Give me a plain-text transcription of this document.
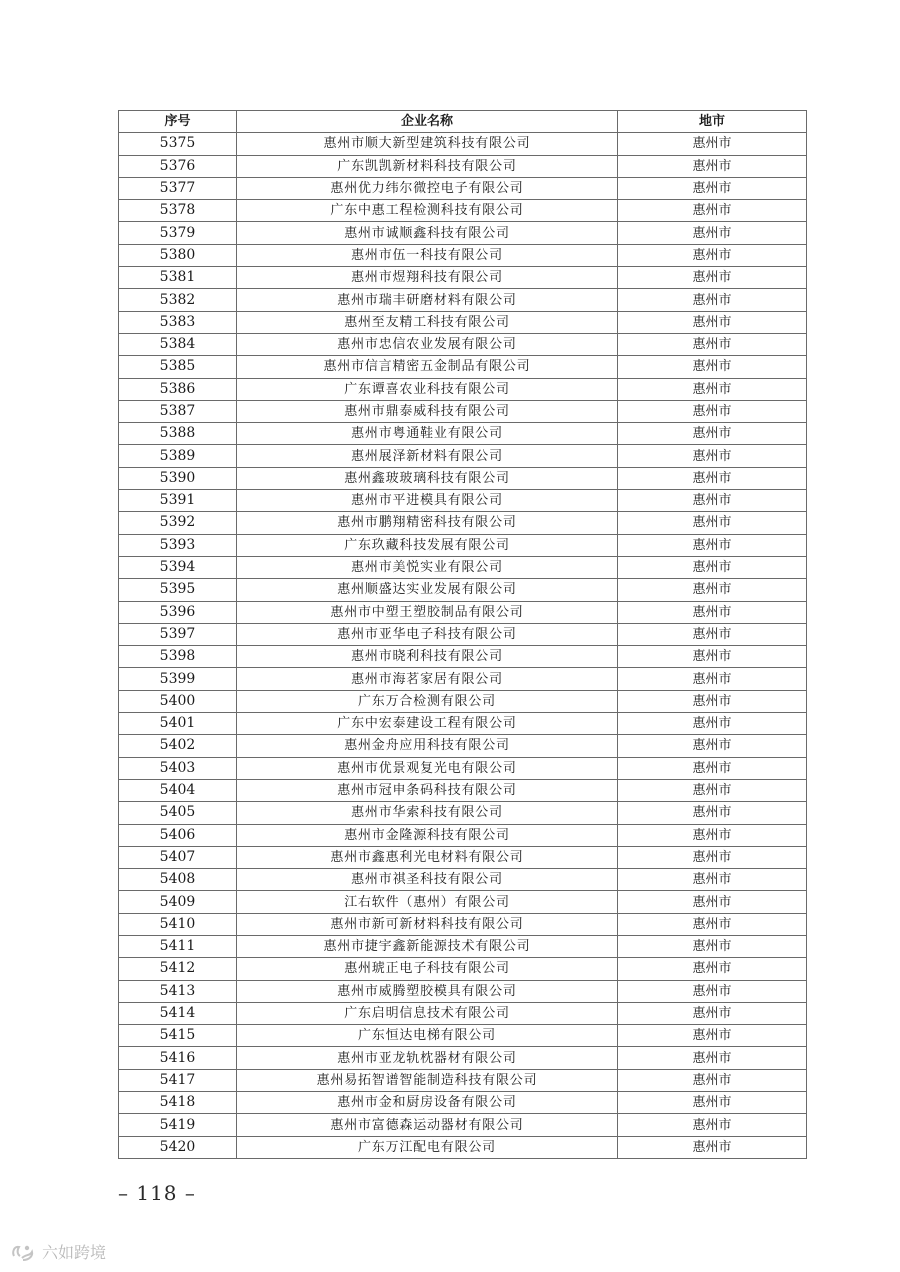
序号	企业名称	地市
5375	惠州市顺大新型建筑科技有限公司	惠州市
5376	广东凯凯新材料科技有限公司	惠州市
5377	惠州优力纬尔微控电子有限公司	惠州市
5378	广东中惠工程检测科技有限公司	惠州市
5379	惠州市诚顺鑫科技有限公司	惠州市
5380	惠州市伍一科技有限公司	惠州市
5381	惠州市煜翔科技有限公司	惠州市
5382	惠州市瑞丰研磨材料有限公司	惠州市
5383	惠州至友精工科技有限公司	惠州市
5384	惠州市忠信农业发展有限公司	惠州市
5385	惠州市信言精密五金制品有限公司	惠州市
5386	广东谭喜农业科技有限公司	惠州市
5387	惠州市鼎泰威科技有限公司	惠州市
5388	惠州市粤通鞋业有限公司	惠州市
5389	惠州展泽新材料有限公司	惠州市
5390	惠州鑫玻玻璃科技有限公司	惠州市
5391	惠州市平进模具有限公司	惠州市
5392	惠州市鹏翔精密科技有限公司	惠州市
5393	广东玖藏科技发展有限公司	惠州市
5394	惠州市美悦实业有限公司	惠州市
5395	惠州顺盛达实业发展有限公司	惠州市
5396	惠州市中塑王塑胶制品有限公司	惠州市
5397	惠州市亚华电子科技有限公司	惠州市
5398	惠州市晓利科技有限公司	惠州市
5399	惠州市海茗家居有限公司	惠州市
5400	广东万合检测有限公司	惠州市
5401	广东中宏泰建设工程有限公司	惠州市
5402	惠州金舟应用科技有限公司	惠州市
5403	惠州市优景观复光电有限公司	惠州市
5404	惠州市冠申条码科技有限公司	惠州市
5405	惠州市华索科技有限公司	惠州市
5406	惠州市金隆源科技有限公司	惠州市
5407	惠州市鑫惠利光电材料有限公司	惠州市
5408	惠州市祺圣科技有限公司	惠州市
5409	江右软件（惠州）有限公司	惠州市
5410	惠州市新可新材料科技有限公司	惠州市
5411	惠州市捷宇鑫新能源技术有限公司	惠州市
5412	惠州琥正电子科技有限公司	惠州市
5413	惠州市威腾塑胶模具有限公司	惠州市
5414	广东启明信息技术有限公司	惠州市
5415	广东恒达电梯有限公司	惠州市
5416	惠州市亚龙轨枕器材有限公司	惠州市
5417	惠州易拓智谱智能制造科技有限公司	惠州市
5418	惠州市金和厨房设备有限公司	惠州市
5419	惠州市富德森运动器材有限公司	惠州市
5420	广东万江配电有限公司	惠州市
– 118 –
六如跨境
